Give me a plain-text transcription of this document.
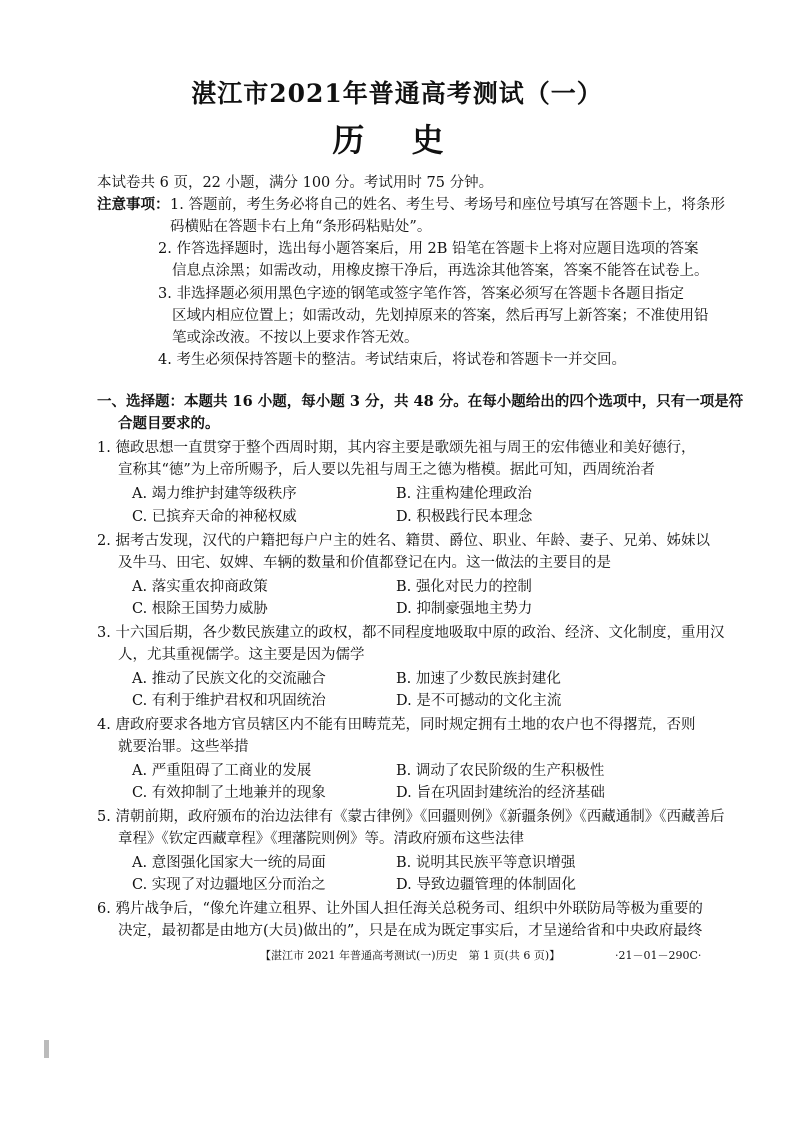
湛江市2021年普通高考测试（一）
历 史
本试卷共 6 页，22 小题，满分 100 分。考试用时 75 分钟。
注意事项： 1. 答题前，考生务必将自己的姓名、考生号、考场号和座位号填写在答题卡上，将条形
码横贴在答题卡右上角“条形码粘贴处”。
2. 作答选择题时，选出每小题答案后，用 2B 铅笔在答题卡上将对应题目选项的答案
信息点涂黑；如需改动，用橡皮擦干净后，再选涂其他答案，答案不能答在试卷上。
3. 非选择题必须用黑色字迹的钢笔或签字笔作答，答案必须写在答题卡各题目指定
区域内相应位置上；如需改动，先划掉原来的答案，然后再写上新答案；不准使用铅
笔或涂改液。不按以上要求作答无效。
4. 考生必须保持答题卡的整洁。考试结束后，将试卷和答题卡一并交回。
一、选择题：本题共 16 小题，每小题 3 分，共 48 分。在每小题给出的四个选项中，只有一项是符
合题目要求的。
1. 德政思想一直贯穿于整个西周时期，其内容主要是歌颂先祖与周王的宏伟德业和美好德行，
宣称其“德”为上帝所赐予，后人要以先祖与周王之德为楷模。据此可知，西周统治者
A. 竭力维护封建等级秩序	B. 注重构建伦理政治
C. 已摈弃天命的神秘权威	D. 积极践行民本理念
2. 据考古发现，汉代的户籍把每户户主的姓名、籍贯、爵位、职业、年龄、妻子、兄弟、姊妹以
及牛马、田宅、奴婢、车辆的数量和价值都登记在内。这一做法的主要目的是
A. 落实重农抑商政策	B. 强化对民力的控制
C. 根除王国势力威胁	D. 抑制豪强地主势力
3. 十六国后期，各少数民族建立的政权，都不同程度地吸取中原的政治、经济、文化制度，重用汉
人，尤其重视儒学。这主要是因为儒学
A. 推动了民族文化的交流融合	B. 加速了少数民族封建化
C. 有利于维护君权和巩固统治	D. 是不可撼动的文化主流
4. 唐政府要求各地方官员辖区内不能有田畴荒芜，同时规定拥有土地的农户也不得撂荒，否则
就要治罪。这些举措
A. 严重阻碍了工商业的发展	B. 调动了农民阶级的生产积极性
C. 有效抑制了土地兼并的现象	D. 旨在巩固封建统治的经济基础
5. 清朝前期，政府颁布的治边法律有《蒙古律例》《回疆则例》《新疆条例》《西藏通制》《西藏善后
章程》《钦定西藏章程》《理藩院则例》等。清政府颁布这些法律
A. 意图强化国家大一统的局面	B. 说明其民族平等意识增强
C. 实现了对边疆地区分而治之	D. 导致边疆管理的体制固化
6. 鸦片战争后，“像允许建立租界、让外国人担任海关总税务司、组织中外联防局等极为重要的
决定，最初都是由地方(大员)做出的”，只是在成为既定事实后，才呈递给省和中央政府最终
【湛江市 2021 年普通高考测试(一)历史　第 1 页(共 6 页)】	·21－01－290C·
